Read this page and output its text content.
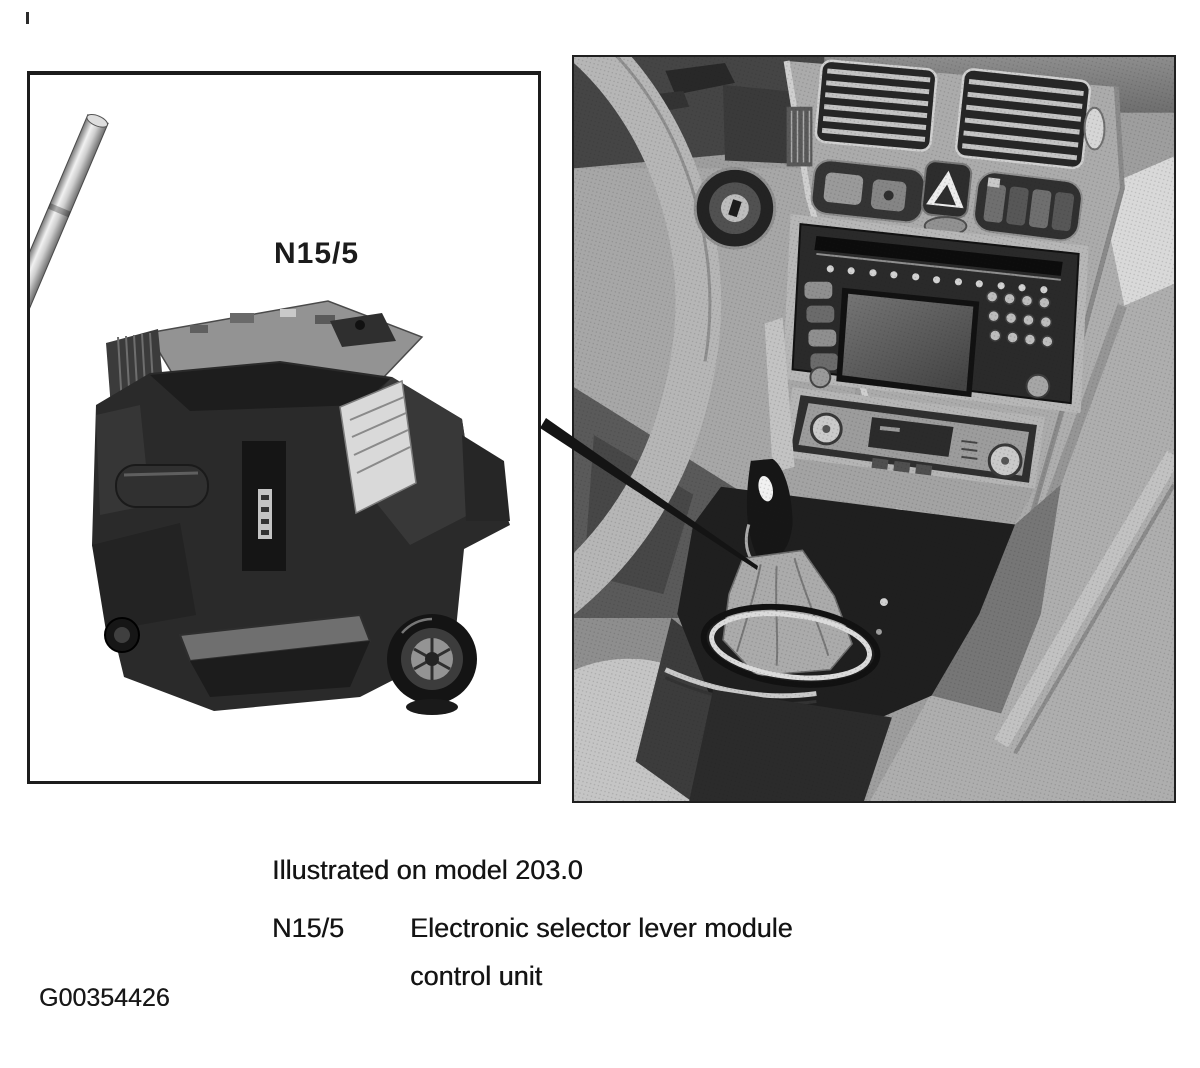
N15/5
Illustrated on model 203.0
N15/5 Electronic selector lever module
control unit
G00354426
